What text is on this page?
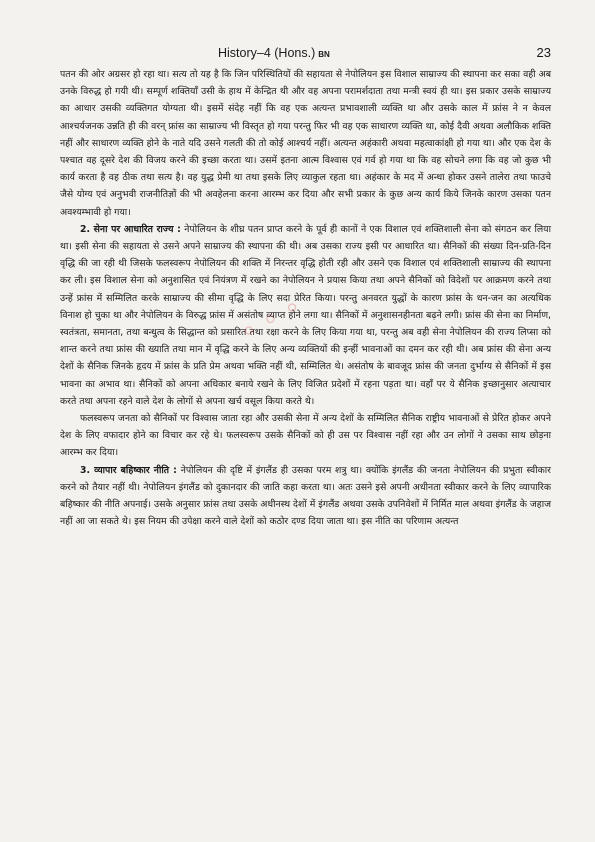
History–4 (Hons.) BN	23

पतन की ओर अग्रसर हो रहा था। सत्य तो यह है कि जिन परिस्थितियों की सहायता से नेपोलियन इस विशाल साम्राज्य की स्थापना कर सका वही अब उनके विरुद्ध हो गयी थी। सम्पूर्ण शक्तियाँ उसी के हाथ में केन्द्रित थी और वह अपना परामर्शदाता तथा मन्त्री स्वयं ही था। इस प्रकार उसके साम्राज्य का आधार उसकी व्यक्तिगत योग्यता थी। इसमें संदेह नहीं कि वह एक अत्यन्त प्रभावशाली व्यक्ति था और उसके काल में फ्रांस ने न केवल आश्चर्यजनक उन्नति ही की वरन् फ्रांस का साम्राज्य भी विस्तृत हो गया परन्तु फिर भी वह एक साधारण व्यक्ति था, कोई दैवी अथवा अलौकिक शक्ति नहीं और साधारण व्यक्ति होने के नाते यदि उसने गलती की तो कोई आश्चर्य नहीं। अत्यन्त अहंकारी अथवा महत्वाकांक्षी हो गया था। और एक देश के पश्चात वह दूसरे देश की विजय करने की इच्छा करता था। उसमें इतना आत्म विश्वास एवं गर्व हो गया था कि वह सोचने लगा कि वह जो कुछ भी कार्य करता है वह ठीक तथा सत्य है। वह युद्ध प्रेमी था तथा इसके लिए व्याकुल रहता था। अहंकार के मद में अन्धा होकर उसने तालेरा तथा फाउचे जैसे योग्य एवं अनुभवी राजनीतिज्ञों की भी अवहेलना करना आरम्भ कर दिया और सभी प्रकार के कुछ अन्य कार्य किये जिनके कारण उसका पतन अवश्यम्भावी हो गया।

2. सेना पर आधारित राज्य : नेपोलियन के शीघ्र पतन प्राप्त करने के पूर्व ही कानों ने एक विशाल एवं शक्तिशाली सेना को संगठन कर लिया था। इसी सेना की सहायता से उसने अपने साम्राज्य की स्थापना की थी। अब उसका राज्य इसी पर आधारित था। सैनिकों की संख्या दिन-प्रति-दिन वृद्धि की जा रही थी जिसके फलस्वरूप नेपोलियन की शक्ति में निरन्तर वृद्धि होती रही और उसने एक विशाल एवं शक्तिशाली साम्राज्य की स्थापना कर ली। इस विशाल सेना को अनुशासित एवं नियंत्रण में रखने का नेपोलियन ने प्रयास किया तथा अपने सैनिकों को विदेशों पर आक्रमण करने तथा उन्हें फ्रांस में सम्मिलित करके साम्राज्य की सीमा वृद्धि के लिए सदा प्रेरित किया। परन्तु अनवरत युद्धों के कारण फ्रांस के धन-जन का अत्यधिक विनाश हो चुका था और नेपोलियन के विरुद्ध फ्रांस में असंतोष व्याप्त होने लगा था। सैनिकों में अनुशासनहीनता बढ़ने लगी। फ्रांस की सेना का निर्माण, स्वतंत्रता, समानता, तथा बन्धुत्व के सिद्धान्त को प्रसारित तथा रक्षा करने के लिए किया गया था, परन्तु अब वही सेना नेपोलियन की राज्य लिप्सा को शान्त करने तथा फ्रांस की ख्याति तथा मान में वृद्धि करने के लिए अन्य व्यक्तियों की इन्हीं भावनाओं का दमन कर रही थी। अब फ्रांस की सेना अन्य देशों के सैनिक जिनके हृदय में फ्रांस के प्रति प्रेम अथवा भक्ति नहीं थी, सम्मिलित थे। असंतोष के बावजूद फ्रांस की जनता दुर्भाग्य से सैनिकों में इस भावना का अभाव था। सैनिकों को अपना अधिकार बनाये रखने के लिए विजित प्रदेशों में रहना पड़ता था। वहाँ पर ये सैनिक इच्छानुसार अत्याचार करते तथा अपना रहने वाले देश के लोगों से अपना खर्च वसूल किया करते थे।

फलस्वरूप जनता को सैनिकों पर विश्वास जाता रहा और उसकी सेना में अन्य देशों के सम्मिलित सैनिक राष्ट्रीय भावनाओं से प्रेरित होकर अपने देश के लिए वफादार होने का विचार कर रहे थे। फलस्वरूप उसके सैनिकों को ही उस पर विश्वास नहीं रहा और उन लोगों ने उसका साथ छोड़ना आरम्भ कर दिया।

3. व्यापार बहिष्कार नीति : नेपोलियन की दृष्टि में इंगलैंड ही उसका परम शत्रु था। क्योंकि इंगलैंड की जनता नेपोलियन की प्रभुता स्वीकार करने को तैयार नहीं थी। नेपोलियन इंगलैंड को दुकानदार की जाति कहा करता था। अतः उसने इसे अपनी अधीनता स्वीकार करने के लिए व्यापारिक बहिष्कार की नीति अपनाई। उसके अनुसार फ्रांस तथा उसके अधीनस्थ देशों में इंगलैंड अथवा उसके उपनिवेशों में निर्मित माल अथवा इंगलैंड के जहाज नहीं आ जा सकते थे। इस नियम की उपेक्षा करने वाले देशों को कठोर दण्ड दिया जाता था। इस नीति का परिणाम अत्यन्त

◦ ◦ ◦
